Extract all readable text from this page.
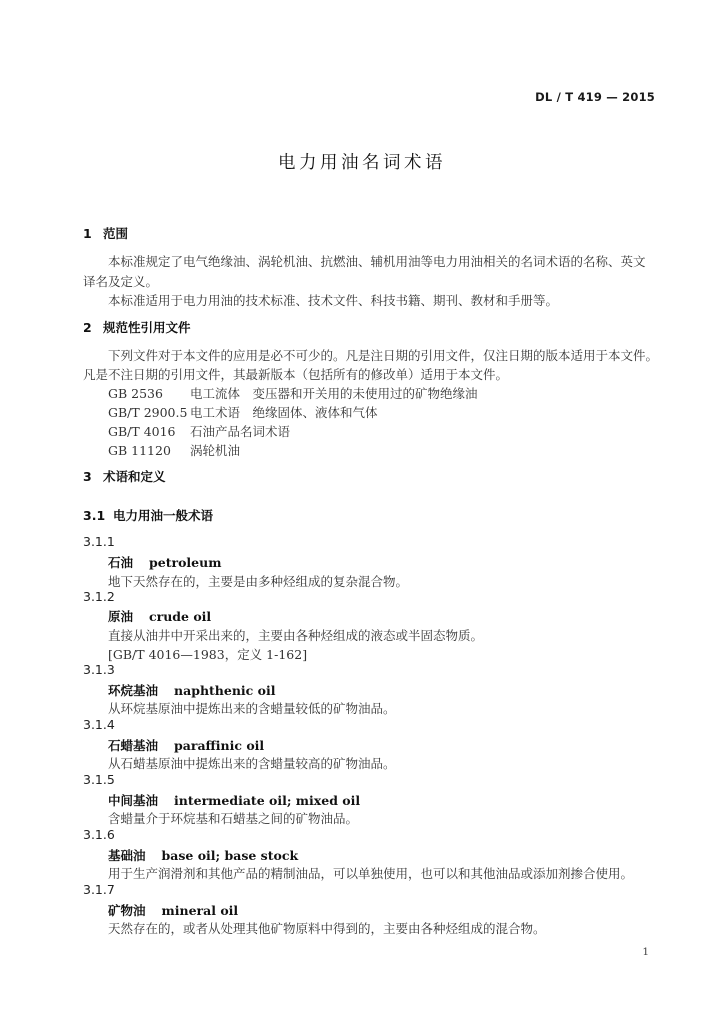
DL / T 419 — 2015
电力用油名词术语
1 范围
本标准规定了电气绝缘油、涡轮机油、抗燃油、辅机用油等电力用油相关的名词术语的名称、英文
译名及定义。
本标准适用于电力用油的技术标准、技术文件、科技书籍、期刊、教材和手册等。
2 规范性引用文件
下列文件对于本文件的应用是必不可少的。凡是注日期的引用文件，仅注日期的版本适用于本文件。
凡是不注日期的引用文件，其最新版本（包括所有的修改单）适用于本文件。
GB 2536 电工流体　变压器和开关用的未使用过的矿物绝缘油
GB/T 2900.5 电工术语　绝缘固体、液体和气体
GB/T 4016 石油产品名词术语
GB 11120 涡轮机油
3 术语和定义
3.1 电力用油一般术语
3.1.1
石油 petroleum
地下天然存在的，主要是由多种烃组成的复杂混合物。
3.1.2
原油 crude oil
直接从油井中开采出来的，主要由各种烃组成的液态或半固态物质。
[GB/T 4016—1983，定义 1-162]
3.1.3
环烷基油 naphthenic oil
从环烷基原油中提炼出来的含蜡量较低的矿物油品。
3.1.4
石蜡基油 paraffinic oil
从石蜡基原油中提炼出来的含蜡量较高的矿物油品。
3.1.5
中间基油 intermediate oil; mixed oil
含蜡量介于环烷基和石蜡基之间的矿物油品。
3.1.6
基础油 base oil; base stock
用于生产润滑剂和其他产品的精制油品，可以单独使用，也可以和其他油品或添加剂掺合使用。
3.1.7
矿物油 mineral oil
天然存在的，或者从处理其他矿物原料中得到的，主要由各种烃组成的混合物。
1
